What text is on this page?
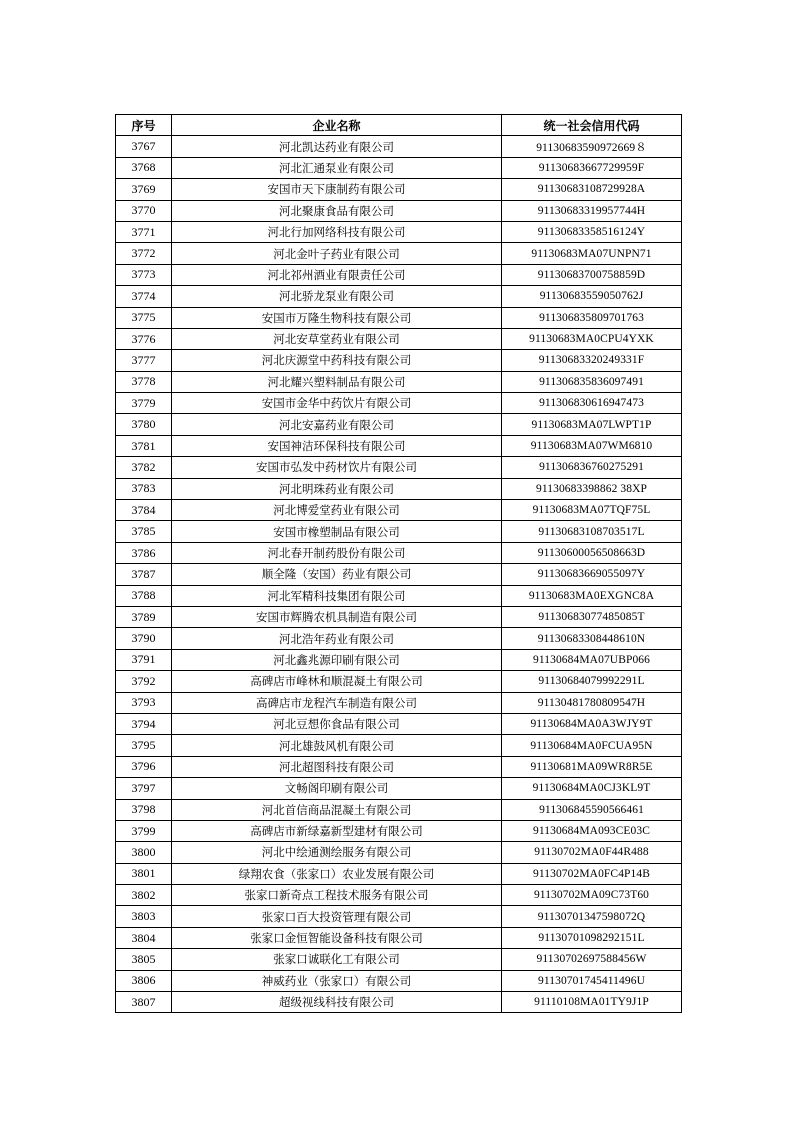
序号	企业名称	统一社会信用代码
3767	河北凯达药业有限公司	91130683590972669８
3768	河北汇通泵业有限公司	91130683667729959F
3769	安国市天下康制药有限公司	91130683108729928A
3770	河北聚康食品有限公司	91130683319957744H
3771	河北行加网络科技有限公司	91130683358516124Y
3772	河北金叶子药业有限公司	91130683MA07UNPN71
3773	河北祁州酒业有限责任公司	91130683700758859D
3774	河北骄龙泵业有限公司	91130683559050762J
3775	安国市万隆生物科技有限公司	911306835809701763
3776	河北安草堂药业有限公司	91130683MA0CPU4YXK
3777	河北庆源堂中药科技有限公司	91130683320249331F
3778	河北耀兴塑料制品有限公司	911306835836097491
3779	安国市金华中药饮片有限公司	911306830616947473
3780	河北安嘉药业有限公司	91130683MA07LWPT1P
3781	安国神洁环保科技有限公司	91130683MA07WM6810
3782	安国市弘发中药材饮片有限公司	911306836760275291
3783	河北明珠药业有限公司	91130683398862 38XP
3784	河北博爱堂药业有限公司	91130683MA07TQF75L
3785	安国市橡塑制品有限公司	91130683108703517L
3786	河北春开制药股份有限公司	91130600056508663D
3787	顺全隆（安国）药业有限公司	91130683669055097Y
3788	河北军精科技集团有限公司	91130683MA0EXGNC8A
3789	安国市辉腾农机具制造有限公司	91130683077485085T
3790	河北浩年药业有限公司	91130683308448610N
3791	河北鑫兆源印刷有限公司	91130684MA07UBP066
3792	高碑店市峰林和顺混凝土有限公司	91130684079992291L
3793	高碑店市龙程汽车制造有限公司	91130481780809547H
3794	河北豆想你食品有限公司	91130684MA0A3WJY9T
3795	河北雄鼓风机有限公司	91130684MA0FCUA95N
3796	河北超图科技有限公司	91130681MA09WR8R5E
3797	文畅阁印刷有限公司	91130684MA0CJ3KL9T
3798	河北首信商品混凝土有限公司	911306845590566461
3799	高碑店市新绿嘉新型建材有限公司	91130684MA093CE03C
3800	河北中绘通测绘服务有限公司	91130702MA0F44R488
3801	绿翔农食（张家口）农业发展有限公司	91130702MA0FC4P14B
3802	张家口新奇点工程技术服务有限公司	91130702MA09C73T60
3803	张家口百大投资管理有限公司	91130701347598072Q
3804	张家口金恒智能设备科技有限公司	91130701098292151L
3805	张家口诚联化工有限公司	91130702697588456W
3806	神威药业（张家口）有限公司	91130701745411496U
3807	超级视线科技有限公司	91110108MA01TY9J1P
